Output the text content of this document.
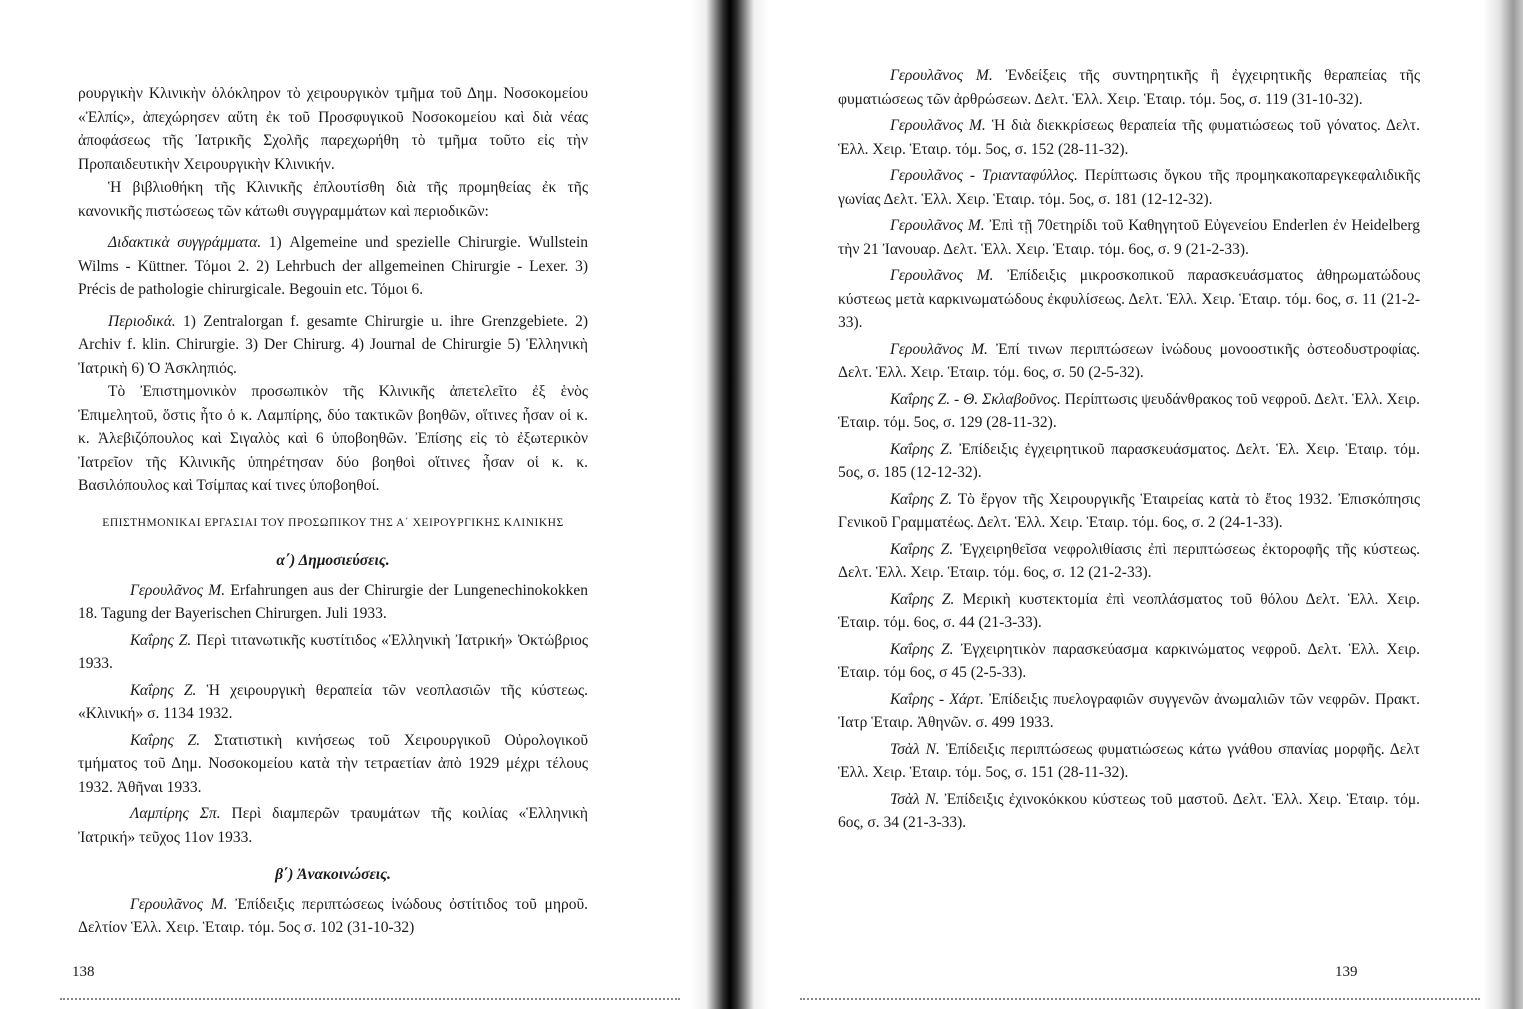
ρουργικὴν Κλινικὴν ὁλόκληρον τὸ χειρουργικὸν τμῆμα τοῦ Δημ. Νοσοκομείου «Ἐλπίς», ἀπεχώρησεν αὕτη ἐκ τοῦ Προσφυγικοῦ Νοσοκομείου καὶ διὰ νέας ἀποφάσεως τῆς Ἰατρικῆς Σχολῆς παρεχωρήθη τὸ τμῆμα τοῦτο εἰς τὴν Προπαιδευτικὴν Χειρουργικὴν Κλινικήν.

Ἡ βιβλιοθήκη τῆς Κλινικῆς ἐπλουτίσθη διὰ τῆς προμηθείας ἐκ τῆς κανονικῆς πιστώσεως τῶν κάτωθι συγγραμμάτων καὶ περιοδικῶν:

Διδακτικὰ συγγράμματα. 1) Algemeine und spezielle Chirurgie. Wullstein Wilms - Küttner. Τόμοι 2. 2) Lehrbuch der allgemeinen Chirurgie - Lexer. 3) Précis de pathologie chirurgicale. Begouin etc. Τόμοι 6.

Περιοδικά. 1) Zentralorgan f. gesamte Chirurgie u. ihre Grenzgebiete. 2) Archiv f. klin. Chirurgie. 3) Der Chirurg. 4) Journal de Chirurgie 5) Ἑλληνικὴ Ἰατρικὴ 6) Ὁ Ἀσκληπιός.

Τὸ Ἐπιστημονικὸν προσωπικὸν τῆς Κλινικῆς ἀπετελεῖτο ἐξ ἑνὸς Ἐπιμελητοῦ, ὅστις ἦτο ὁ κ. Λαμπίρης, δύο τακτικῶν βοηθῶν, οἵτινες ἦσαν οἱ κ. κ. Ἀλεβιζόπουλος καὶ Σιγαλὸς καὶ 6 ὑποβοηθῶν. Ἐπίσης εἰς τὸ ἐξωτερικὸν Ἰατρεῖον τῆς Κλινικῆς ὑπηρέτησαν δύο βοηθοὶ οἵτινες ἦσαν οἱ κ. κ. Βασιλόπουλος καὶ Τσίμπας καί τινες ὑποβοηθοί.

ΕΠΙΣΤΗΜΟΝΙΚΑΙ ΕΡΓΑΣΙΑΙ ΤΟΥ ΠΡΟΣΩΠΙΚΟΥ ΤΗΣ Α΄ ΧΕΙΡΟΥΡΓΙΚΗΣ ΚΛΙΝΙΚΗΣ
α΄) Δημοσιεύσεις.

Γερουλᾶνος Μ. Erfahrungen aus der Chirurgie der Lungenechinokokken 18. Tagung der Bayerischen Chirurgen. Juli 1933.

Καΐρης Ζ. Περὶ τιτανωτικῆς κυστίτιδος «Ἑλληνικὴ Ἰατρική» Ὀκτώβριος 1933.

Καΐρης Ζ. Ἡ χειρουργικὴ θεραπεία τῶν νεοπλασιῶν τῆς κύστεως. «Κλινική» σ. 1134 1932.

Καΐρης Ζ. Στατιστικὴ κινήσεως τοῦ Χειρουργικοῦ Οὐρολογικοῦ τμήματος τοῦ Δημ. Νοσοκομείου κατὰ τὴν τετραετίαν ἀπὸ 1929 μέχρι τέλους 1932. Ἀθῆναι 1933.

Λαμπίρης Σπ. Περὶ διαμπερῶν τραυμάτων τῆς κοιλίας «Ἑλληνικὴ Ἰατρική» τεῦχος 11ον 1933.

β΄) Ἀνακοινώσεις.

Γερουλᾶνος Μ. Ἐπίδειξις περιπτώσεως ἰνώδους ὀστίτιδος τοῦ μηροῦ. Δελτίον Ἑλλ. Χειρ. Ἑταιρ. τόμ. 5ος σ. 102 (31-10-32)

138

Γερουλᾶνος Μ. Ἐνδείξεις τῆς συντηρητικῆς ἢ ἐγχειρητικῆς θεραπείας τῆς φυματιώσεως τῶν ἀρθρώσεων. Δελτ. Ἑλλ. Χειρ. Ἑταιρ. τόμ. 5ος, σ. 119 (31-10-32).

Γερουλᾶνος Μ. Ἡ διὰ διεκκρίσεως θεραπεία τῆς φυματιώσεως τοῦ γόνατος. Δελτ. Ἑλλ. Χειρ. Ἑταιρ. τόμ. 5ος, σ. 152 (28-11-32).

Γερουλᾶνος - Τριανταφύλλος. Περίπτωσις ὄγκου τῆς προμηκακοπαρεγκεφαλιδικῆς γωνίας Δελτ. Ἑλλ. Χειρ. Ἑταιρ. τόμ. 5ος, σ. 181 (12-12-32).

Γερουλᾶνος Μ. Ἐπὶ τῇ 70ετηρίδι τοῦ Καθηγητοῦ Εὐγενείου Enderlen ἐν Heidelberg τὴν 21 Ἰανουαρ. Δελτ. Ἑλλ. Χειρ. Ἑταιρ. τόμ. 6ος, σ. 9 (21-2-33).

Γερουλᾶνος Μ. Ἐπίδειξις μικροσκοπικοῦ παρασκευάσματος ἀθηρωματώδους κύστεως μετὰ καρκινωματώδους ἐκφυλίσεως. Δελτ. Ἑλλ. Χειρ. Ἑταιρ. τόμ. 6ος, σ. 11 (21-2-33).

Γερουλᾶνος Μ. Ἐπί τινων περιπτώσεων ἰνώδους μονοοστικῆς ὀστεοδυστροφίας. Δελτ. Ἑλλ. Χειρ. Ἑταιρ. τόμ. 6ος, σ. 50 (2-5-32).

Καΐρης Ζ. - Θ. Σκλαβοῦνος. Περίπτωσις ψευδάνθρακος τοῦ νεφροῦ. Δελτ. Ἑλλ. Χειρ. Ἑταιρ. τόμ. 5ος, σ. 129 (28-11-32).

Καΐρης Ζ. Ἐπίδειξις ἐγχειρητικοῦ παρασκευάσματος. Δελτ. Ἑλ. Χειρ. Ἑταιρ. τόμ. 5ος, σ. 185 (12-12-32).

Καΐρης Ζ. Τὸ ἔργον τῆς Χειρουργικῆς Ἑταιρείας κατὰ τὸ ἔτος 1932. Ἐπισκόπησις Γενικοῦ Γραμματέως. Δελτ. Ἑλλ. Χειρ. Ἑταιρ. τόμ. 6ος, σ. 2 (24-1-33).

Καΐρης Ζ. Ἐγχειρηθεῖσα νεφρολιθίασις ἐπὶ περιπτώσεως ἐκτοροφῆς τῆς κύστεως. Δελτ. Ἑλλ. Χειρ. Ἑταιρ. τόμ. 6ος, σ. 12 (21-2-33).

Καΐρης Ζ. Μερικὴ κυστεκτομία ἐπὶ νεοπλάσματος τοῦ θόλου Δελτ. Ἑλλ. Χειρ. Ἑταιρ. τόμ. 6ος, σ. 44 (21-3-33).

Καΐρης Ζ. Ἐγχειρητικὸν παρασκεύασμα καρκινώματος νεφροῦ. Δελτ. Ἑλλ. Χειρ. Ἑταιρ. τόμ 6ος, σ 45 (2-5-33).

Καΐρης - Χάρτ. Ἐπίδειξις πυελογραφιῶν συγγενῶν ἀνωμαλιῶν τῶν νεφρῶν. Πρακτ. Ἰατρ Ἑταιρ. Ἀθηνῶν. σ. 499 1933.

Τσὰλ Ν. Ἐπίδειξις περιπτώσεως φυματιώσεως κάτω γνάθου σπανίας μορφῆς. Δελτ Ἑλλ. Χειρ. Ἑταιρ. τόμ. 5ος, σ. 151 (28-11-32).

Τσὰλ Ν. Ἐπίδειξις ἐχινοκόκκου κύστεως τοῦ μαστοῦ. Δελτ. Ἑλλ. Χειρ. Ἑταιρ. τόμ. 6ος, σ. 34 (21-3-33).

139
